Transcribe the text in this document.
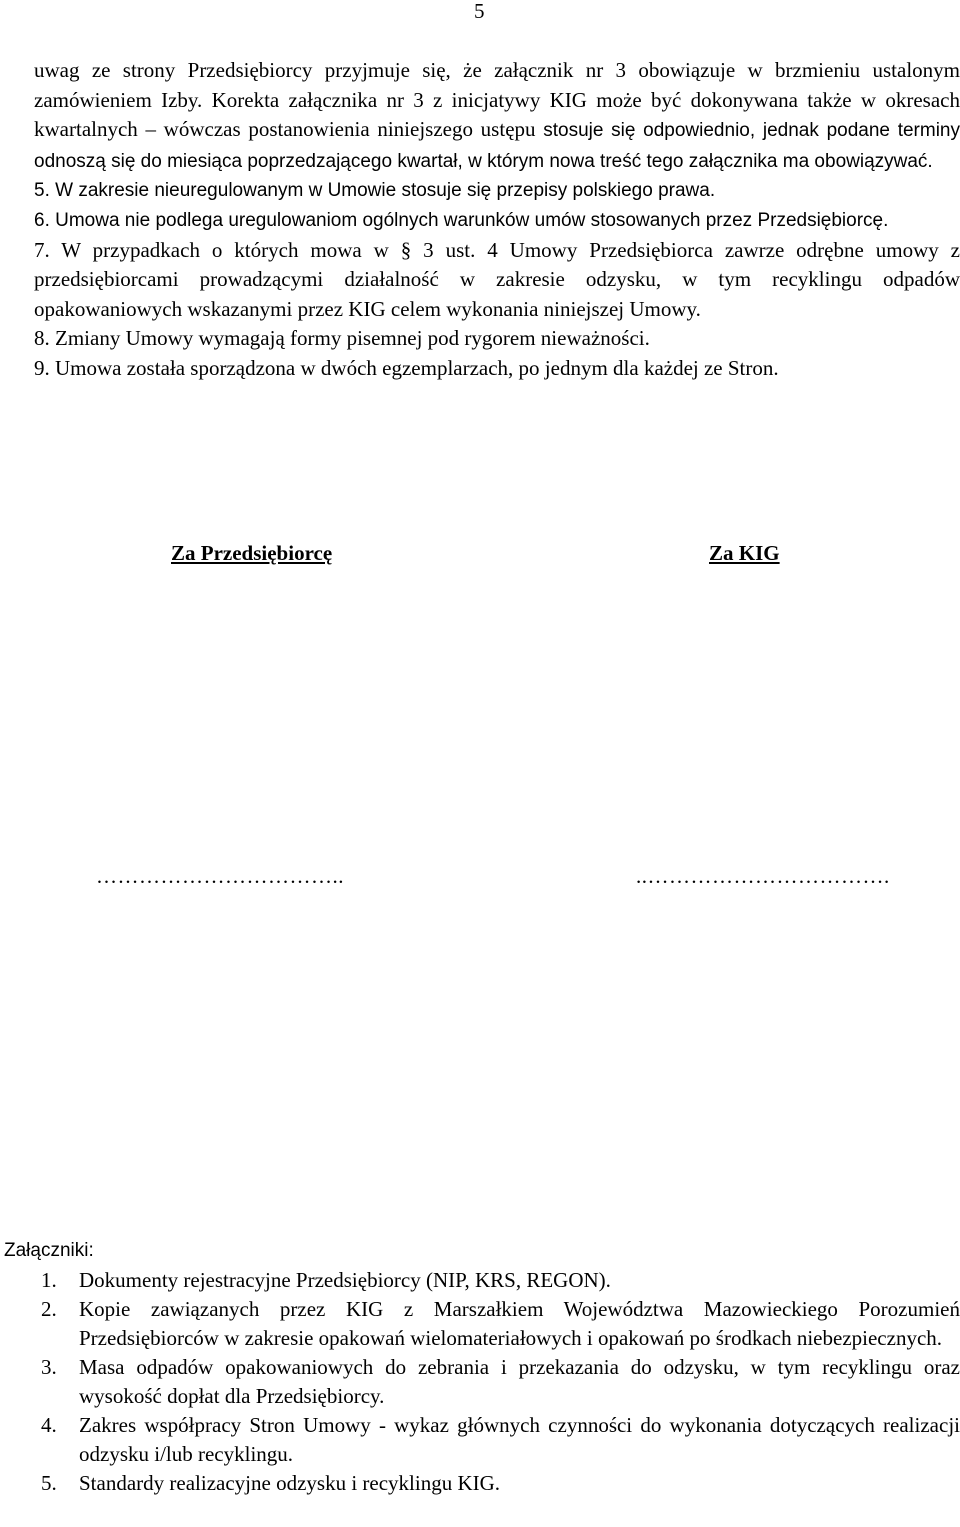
5

uwag ze strony Przedsiębiorcy przyjmuje się, że załącznik nr 3 obowiązuje w brzmieniu ustalonym zamówieniem Izby. Korekta załącznika nr 3 z inicjatywy KIG może być dokonywana także w okresach kwartalnych – wówczas postanowienia niniejszego ustępu stosuje się odpowiednio, jednak podane terminy odnoszą się do miesiąca poprzedzającego kwartał, w którym nowa treść tego załącznika ma obowiązywać.

5. W zakresie nieuregulowanym w Umowie stosuje się przepisy polskiego prawa.

6. Umowa nie podlega uregulowaniom ogólnych warunków umów stosowanych przez Przedsiębiorcę.

7. W przypadkach o których mowa w § 3 ust. 4 Umowy Przedsiębiorca zawrze odrębne umowy z przedsiębiorcami prowadzącymi działalność w zakresie odzysku, w tym recyklingu odpadów opakowaniowych wskazanymi przez KIG celem wykonania niniejszej Umowy.

8. Zmiany Umowy wymagają formy pisemnej pod rygorem nieważności.

9. Umowa została sporządzona w dwóch egzemplarzach, po jednym dla każdej ze Stron.

Za Przedsiębiorcę	Za KIG
……………………………..	..…………………………….
Załączniki:
1. Dokumenty rejestracyjne Przedsiębiorcy (NIP, KRS, REGON).
2. Kopie zawiązanych przez KIG z Marszałkiem Województwa Mazowieckiego Porozumień Przedsiębiorców w zakresie opakowań wielomateriałowych i opakowań po środkach niebezpiecznych.
3. Masa odpadów opakowaniowych do zebrania i przekazania do odzysku, w tym recyklingu oraz wysokość dopłat dla Przedsiębiorcy.
4. Zakres współpracy Stron Umowy - wykaz głównych czynności do wykonania dotyczących realizacji odzysku i/lub recyklingu.
5. Standardy realizacyjne odzysku i recyklingu KIG.
